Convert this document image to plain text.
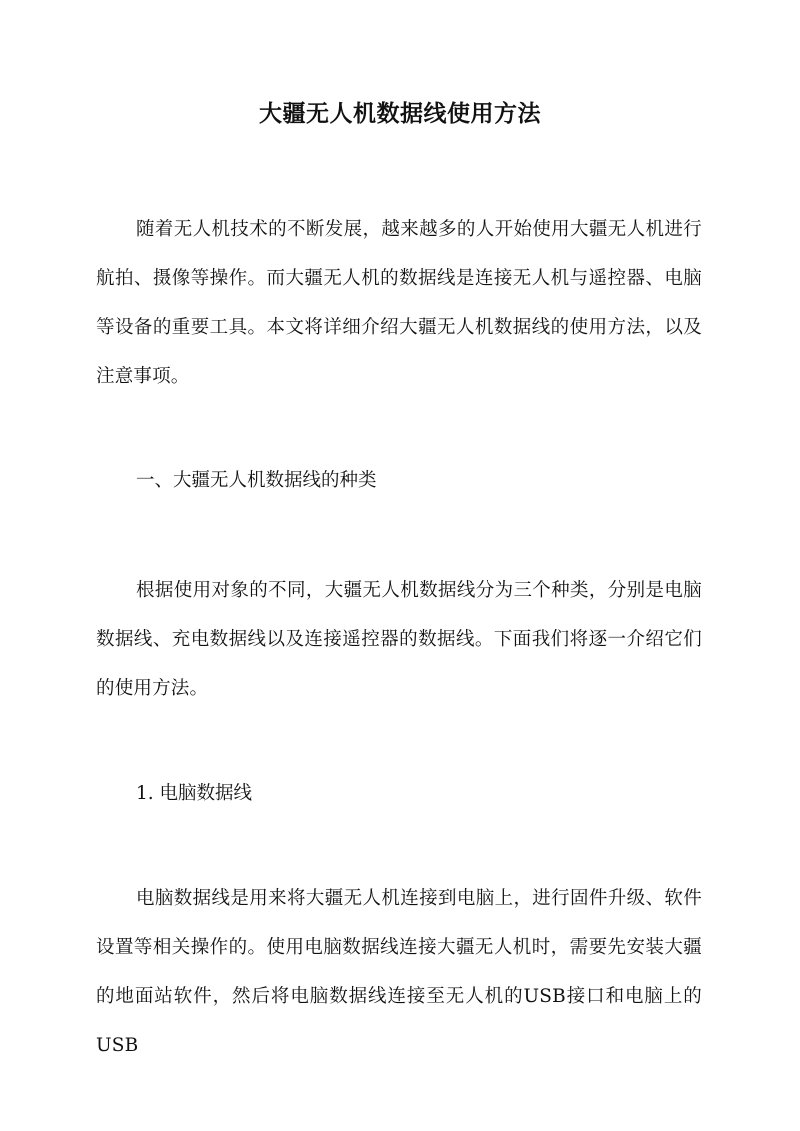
大疆无人机数据线使用方法

随着无人机技术的不断发展，越来越多的人开始使用大疆无人机进行航拍、摄像等操作。而大疆无人机的数据线是连接无人机与遥控器、电脑等设备的重要工具。本文将详细介绍大疆无人机数据线的使用方法，以及注意事项。

一、大疆无人机数据线的种类

根据使用对象的不同，大疆无人机数据线分为三个种类，分别是电脑数据线、充电数据线以及连接遥控器的数据线。下面我们将逐一介绍它们的使用方法。

1. 电脑数据线

电脑数据线是用来将大疆无人机连接到电脑上，进行固件升级、软件设置等相关操作的。使用电脑数据线连接大疆无人机时，需要先安装大疆的地面站软件，然后将电脑数据线连接至无人机的USB接口和电脑上的USB
